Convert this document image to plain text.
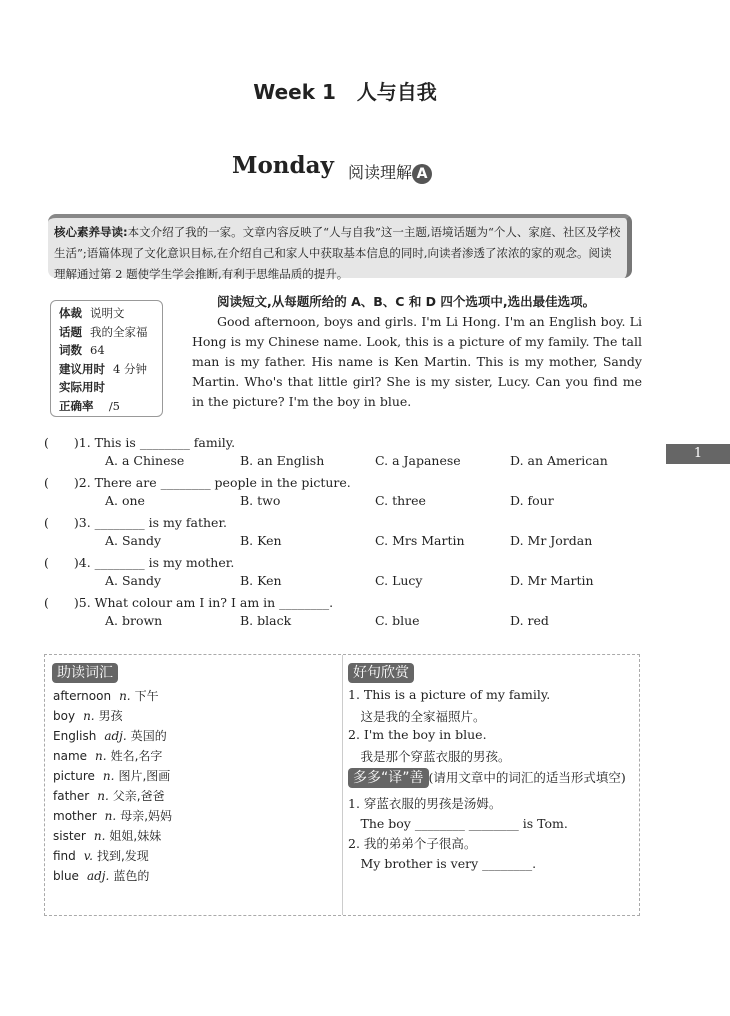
Week 1 人与自我
Monday 阅读理解 A
核心素养导读:本文介绍了我的一家。文章内容反映了“人与自我”这一主题,语境话题为“个人、家庭、社区及学校生活”;语篇体现了文化意识目标,在介绍自己和家人中获取基本信息的同时,向读者渗透了浓浓的家的观念。阅读理解通过第 2 题使学生学会推断,有利于思维品质的提升。
体裁 说明文
话题 我的全家福
词数 64
建议用时 4 分钟
实际用时
正确率 /5
阅读短文,从每题所给的 A、B、C 和 D 四个选项中,选出最佳选项。
Good afternoon, boys and girls. I'm Li Hong. I'm an English boy. Li Hong is my Chinese name. Look, this is a picture of my family. The tall man is my father. His name is Ken Martin. This is my mother, Sandy Martin. Who's that little girl? She is my sister, Lucy. Can you find me in the picture? I'm the boy in blue.
1
助读词汇	好句欣赏
多多“译”善 (请用文章中的词汇的适当形式填空)
(　　)1. This is ________ family.
A. a Chinese	B. an English	C. a Japanese	D. an American
(　　)2. There are ________ people in the picture.
A. one	B. two	C. three	D. four
(　　)3. ________ is my father.
A. Sandy	B. Ken	C. Mrs Martin	D. Mr Jordan
(　　)4. ________ is my mother.
A. Sandy	B. Ken	C. Lucy	D. Mr Martin
(　　)5. What colour am I in? I am in ________.
A. brown	B. black	C. blue	D. red
afternoon n. 下午
boy n. 男孩
English adj. 英国的
name n. 姓名,名字
picture n. 图片,图画
father n. 父亲,爸爸
mother n. 母亲,妈妈
sister n. 姐姐,妹妹
find v. 找到,发现
blue adj. 蓝色的
1. This is a picture of my family.
　这是我的全家福照片。
2. I'm the boy in blue.
　我是那个穿蓝衣服的男孩。
1. 穿蓝衣服的男孩是汤姆。
　The boy ________ ________ is Tom.
2. 我的弟弟个子很高。
　My brother is very ________.
